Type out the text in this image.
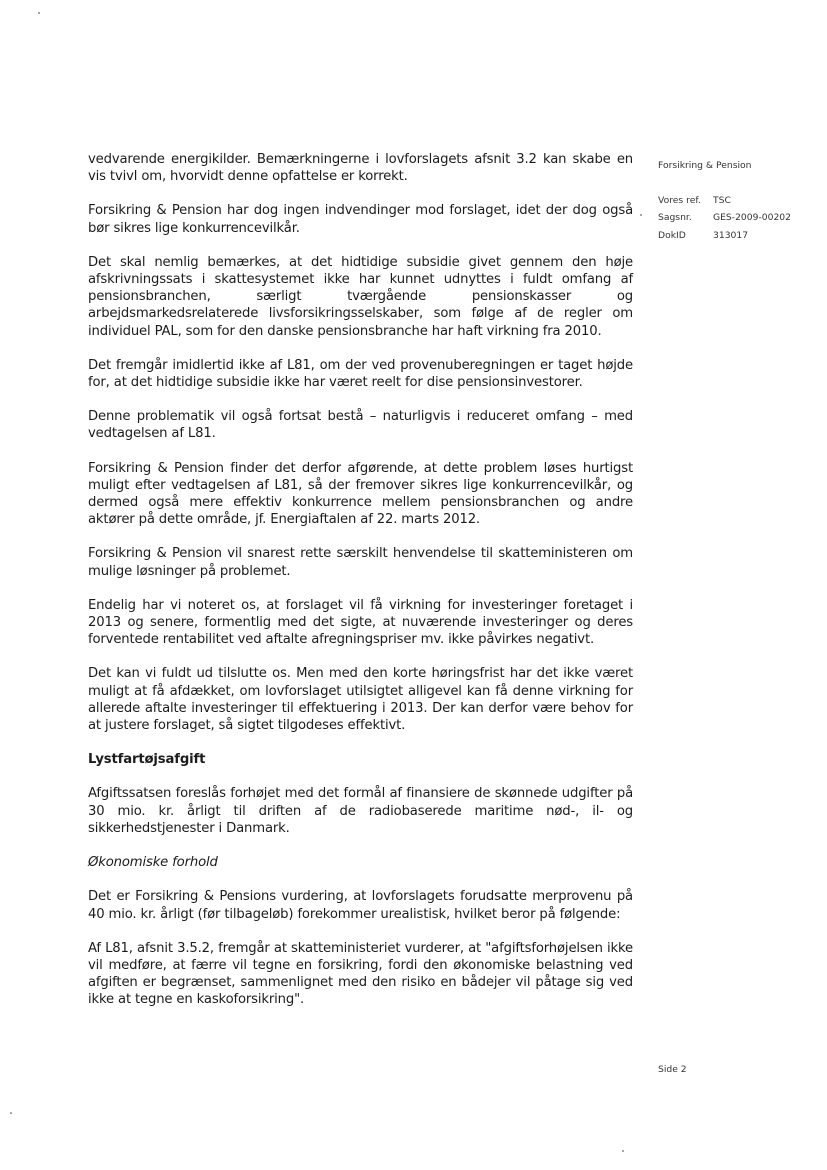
vedvarende energikilder. Bemærkningerne i lovforslagets afsnit 3.2 kan skabe en vis tvivl om, hvorvidt denne opfattelse er korrekt.

Forsikring & Pension har dog ingen indvendinger mod forslaget, idet der dog også bør sikres lige konkurrencevilkår.

Det skal nemlig bemærkes, at det hidtidige subsidie givet gennem den høje afskrivningssats i skattesystemet ikke har kunnet udnyttes i fuldt omfang af pensionsbranchen, særligt tværgående pensionskasser og arbejdsmarkedsrelaterede livsforsikringsselskaber, som følge af de regler om individuel PAL, som for den danske pensionsbranche har haft virkning fra 2010.

Det fremgår imidlertid ikke af L81, om der ved provenuberegningen er taget højde for, at det hidtidige subsidie ikke har været reelt for dise pensionsinvestorer.

Denne problematik vil også fortsat bestå – naturligvis i reduceret omfang – med vedtagelsen af L81.

Forsikring & Pension finder det derfor afgørende, at dette problem løses hurtigst muligt efter vedtagelsen af L81, så der fremover sikres lige konkurrencevilkår, og dermed også mere effektiv konkurrence mellem pensionsbranchen og andre aktører på dette område, jf. Energiaftalen af 22. marts 2012.

Forsikring & Pension vil snarest rette særskilt henvendelse til skatteministeren om mulige løsninger på problemet.

Endelig har vi noteret os, at forslaget vil få virkning for investeringer foretaget i 2013 og senere, formentlig med det sigte, at nuværende investeringer og deres forventede rentabilitet ved aftalte afregningspriser mv. ikke påvirkes negativt.

Det kan vi fuldt ud tilslutte os. Men med den korte høringsfrist har det ikke været muligt at få afdækket, om lovforslaget utilsigtet alligevel kan få denne virkning for allerede aftalte investeringer til effektuering i 2013. Der kan derfor være behov for at justere forslaget, så sigtet tilgodeses effektivt.

Lystfartøjsafgift

Afgiftssatsen foreslås forhøjet med det formål af finansiere de skønnede udgifter på 30 mio. kr. årligt til driften af de radiobaserede maritime nød-, il- og sikkerhedstjenester i Danmark.

Økonomiske forhold

Det er Forsikring & Pensions vurdering, at lovforslagets forudsatte merprovenu på 40 mio. kr. årligt (før tilbageløb) forekommer urealistisk, hvilket beror på følgende:

Af L81, afsnit 3.5.2, fremgår at skatteministeriet vurderer, at "afgiftsforhøjelsen ikke vil medføre, at færre vil tegne en forsikring, fordi den økonomiske belastning ved afgiften er begrænset, sammenlignet med den risiko en bådejer vil påtage sig ved ikke at tegne en kaskoforsikring".

Forsikring & Pension
Vores ref.	TSC
Sagsnr.	GES-2009-00202
DokID	313017
Side 2
